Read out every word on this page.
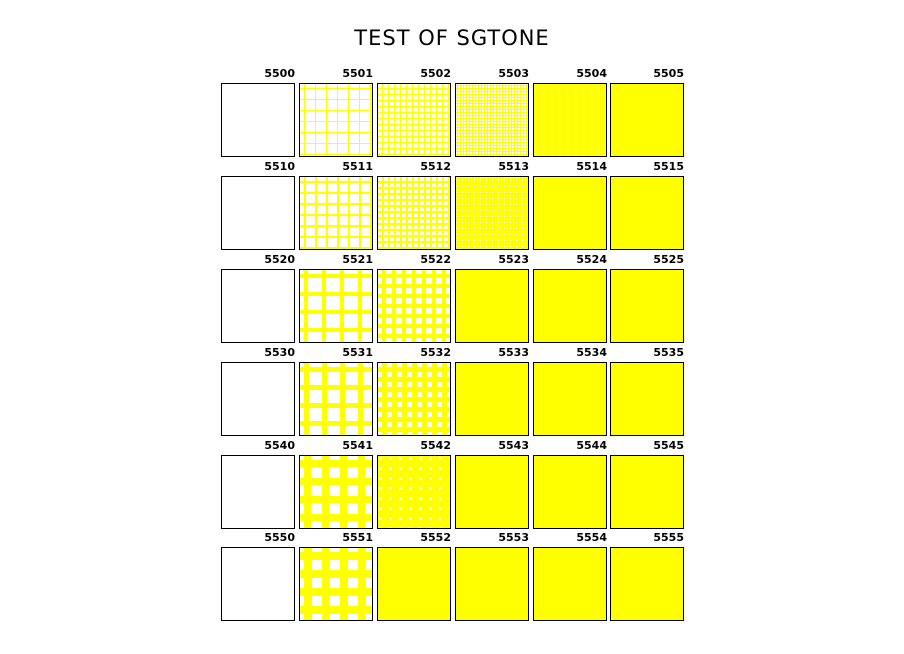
TEST OF SGTONE
5500	5501	5502	5503	5504	5505
5510	5511	5512	5513	5514	5515
5520	5521	5522	5523	5524	5525
5530	5531	5532	5533	5534	5535
5540	5541	5542	5543	5544	5545
5550	5551	5552	5553	5554	5555
